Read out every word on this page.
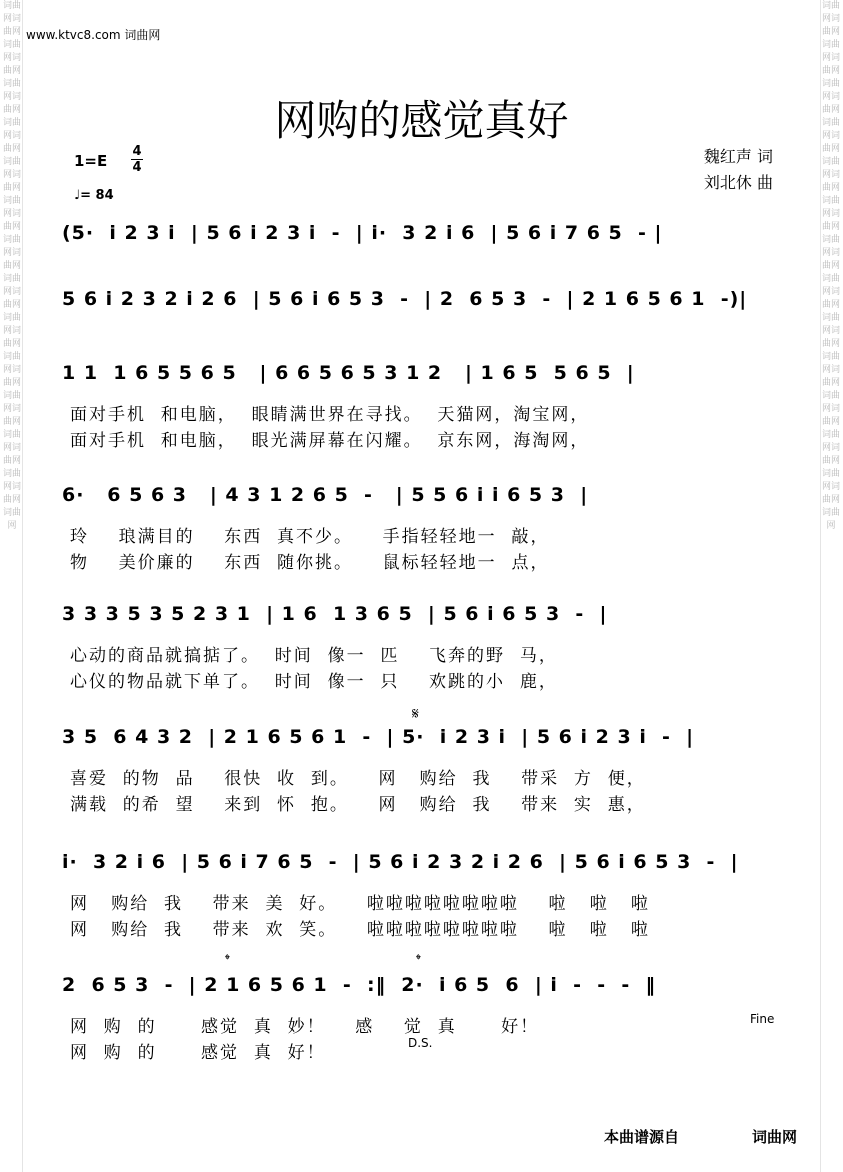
词曲网词曲网词曲网词曲网词曲网词曲网词曲网词曲网词曲网词曲网词曲网词曲网词曲网词曲网词曲网词曲网词曲网词曲网词曲网词曲网词曲网词曲网词曲网词曲网词曲网词曲网词曲网
词曲网词曲网词曲网词曲网词曲网词曲网词曲网词曲网词曲网词曲网词曲网词曲网词曲网词曲网词曲网词曲网词曲网词曲网词曲网词曲网词曲网词曲网词曲网词曲网词曲网词曲网词曲网
www.ktvc8.com 词曲网
网购的感觉真好
1=E
4
4
♩= 84
魏红声 词
刘北休 曲
(5·  i 2 3 i  | 5 6 i 2 3 i  -  | i·  3 2 i 6  | 5 6 i 7 6 5  - |
5 6 i 2 3 2 i 2 6  | 5 6 i 6 5 3  -  | 2  6 5 3  -  | 2 1 6 5 6 1  -)|
1 1  1 6 5 5 6 5   | 6 6 5 6 5 3 1 2   | 1 6 5  5 6 5  |
面对手机  和电脑，  眼睛满世界在寻找。  天猫网，淘宝网，
面对手机  和电脑，  眼光满屏幕在闪耀。  京东网，海淘网，
6·   6 5 6 3   | 4 3 1 2 6 5  -   | 5 5 6 i i 6 5 3  |
玲    琅满目的    东西  真不少。    手指轻轻地一  敲，
物    美价廉的    东西  随你挑。    鼠标轻轻地一  点，
3 3 3 5 3 5 2 3 1  | 1 6  1 3 6 5  | 5 6 i 6 5 3  -  |
心动的商品就搞掂了。  时间  像一  匹    飞奔的野  马，
心仪的物品就下单了。  时间  像一  只    欢跳的小  鹿，
3 5  6 4 3 2  | 2 1 6 5 6 1  -  | 5·  i 2 3 i  | 5 6 i 2 3 i  -  |
喜爱  的物  品    很快  收  到。    网   购给  我    带采  方  便，
满载  的希  望    来到  怀  抱。    网   购给  我    带来  实  惠，
i·  3 2 i 6  | 5 6 i 7 6 5  -  | 5 6 i 2 3 2 i 2 6  | 5 6 i 6 5 3  -  |
网   购给  我    带来  美  好。    啦啦啦啦啦啦啦啦    啦   啦   啦
网   购给  我    带来  欢  笑。    啦啦啦啦啦啦啦啦    啦   啦   啦
2  6 5 3  -  | 2 1 6 5 6 1  -  :‖  2·  i 6 5  6  | i  -  -  -  ‖
网  购  的      感觉  真  妙！    感    觉  真      好！
网  购  的      感觉  真  好！
𝄋
𝄌	𝄌
Fine
D.S.
本曲谱源自	词曲网
